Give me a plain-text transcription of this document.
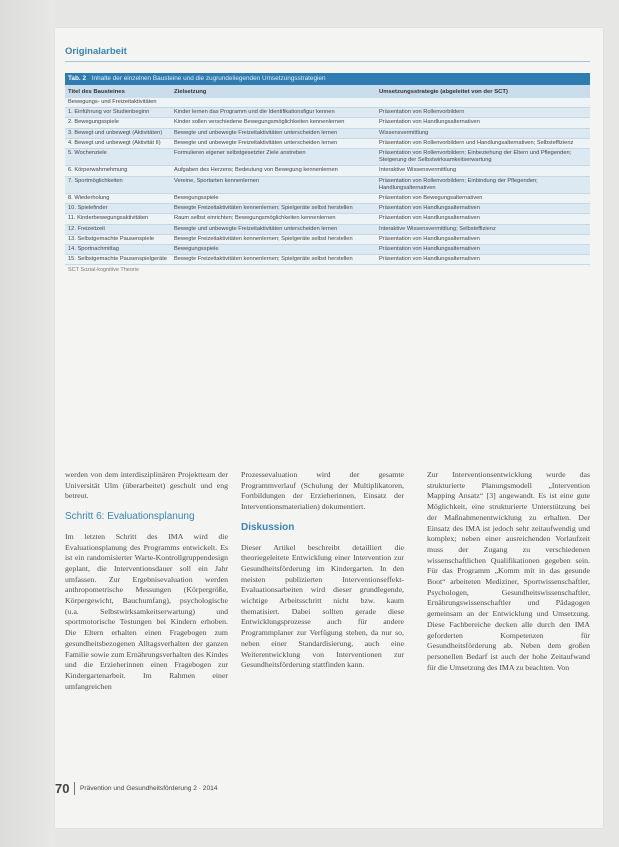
Originalarbeit
Tab. 2 Inhalte der einzelnen Bausteine und die zugrundeliegenden Umsetzungsstrategien
Titel des Bausteines	Zielsetzung	Umsetzungsstrategie (abgeleitet von der SCT)
Bewegungs- und Freizeitaktivitäten		
1. Einführung vor Studienbeginn	Kinder lernen das Programm und die Identifikationsfigur kennen	Präsentation von Rollenvorbildern
2. Bewegungsspiele	Kinder sollen verschiedene Bewegungsmöglichkeiten kennenlernen	Präsentation von Handlungsalternativen
3. Bewegt und unbewegt (Aktivitäten)	Bewegte und unbewegte Freizeitaktivitäten unterscheiden lernen	Wissensvermittlung
4. Bewegt und unbewegt (Aktivität II)	Bewegte und unbewegte Freizeitaktivitäten unterscheiden lernen	Präsentation von Rollenvorbildern und Handlungsalternativen; Selbsteffizienz
5. Wochenziele	Formulieren eigener selbstgesetzter Ziele anstreben	Präsentation von Rollenvorbildern; Einbeziehung der Eltern und Pflegenden; Steigerung der Selbstwirksamkeitserwartung
6. Körperwahrnehmung	Aufgaben des Herzens; Bedeutung von Bewegung kennenlernen	Interaktive Wissensvermittlung
7. Sportmöglichkeiten	Vereine, Sportarten kennenlernen	Präsentation von Rollenvorbildern; Einbindung der Pflegenden; Handlungsalternativen
8. Wiederholung	Bewegungsspiele	Präsentation von Bewegungsalternativen
10. Spielefinder	Bewegte Freizeitaktivitäten kennenlernen; Spielgeräte selbst herstellen	Präsentation von Handlungsalternativen
11. Kinderbewegungsaktivitäten	Raum selbst einrichten; Bewegungsmöglichkeiten kennenlernen	Präsentation von Handlungsalternativen
12. Freizeitzeit	Bewegte und unbewegte Freizeitaktivitäten unterscheiden lernen	Interaktive Wissensvermittlung; Selbsteffizienz
13. Selbstgemachte Pausenspiele	Bewegte Freizeitaktivitäten kennenlernen; Spielgeräte selbst herstellen	Präsentation von Handlungsalternativen
14. Sportnachmittag	Bewegungsspiele	Präsentation von Handlungsalternativen
15. Selbstgemachte Pausenspielgeräte	Bewegte Freizeitaktivitäten kennenlernen; Spielgeräte selbst herstellen	Präsentation von Handlungsalternativen
SCT Sozial-kognitive Theorie

werden von dem interdisziplinären Projektteam der Universität Ulm (überarbeitet) geschult und eng betreut.

Schritt 6: Evaluationsplanung

Im letzten Schritt des IMA wird die Evaluationsplanung des Programms entwickelt. Es ist ein randomisierter Warte-Kontrollgruppendesign geplant, die Interventionsdauer soll ein Jahr umfassen. Zur Ergebnisevaluation werden anthropometrische Messungen (Körpergröße, Körpergewicht, Bauchumfang), psychologische (u.a. Selbstwirksamkeitserwartung) und sportmotorische Testungen bei Kindern erhoben. Die Eltern erhalten einen Fragebogen zum gesundheitsbezogenen Alltagsverhalten der ganzen Familie sowie zum Ernährungsverhalten des Kindes und die Erzieherinnen einen Fragebogen zur Kindergartenarbeit. Im Rahmen einer umfangreichen

Prozessevaluation wird der gesamte Programmverlauf (Schulung der Multiplikatoren, Fortbildungen der Erzieherinnen, Einsatz der Interventionsmaterialien) dokumentiert.

Diskussion

Dieser Artikel beschreibt detailliert die theoriegeleitete Entwicklung einer Intervention zur Gesundheitsförderung im Kindergarten. In den meisten publizierten Interventionseffekt-Evaluationsarbeiten wird dieser grundlegende, wichtige Arbeitsschritt nicht bzw. kaum thematisiert. Dabei sollten gerade diese Entwicklungsprozesse auch für andere Programmplaner zur Verfügung stehen, da nur so, neben einer Standardisierung, auch eine Weiterentwicklung von Interventionen zur Gesundheitsförderung stattfinden kann.

Zur Interventionsentwicklung wurde das strukturierte Planungsmodell „Intervention Mapping Ansatz“ [3] angewandt. Es ist eine gute Möglichkeit, eine strukturierte Unterstützung bei der Maßnahmenentwicklung zu erhalten. Der Einsatz des IMA ist jedoch sehr zeitaufwendig und komplex; neben einer ausreichenden Vorlaufzeit muss der Zugang zu verschiedenen wissenschaftlichen Qualifikationen gegeben sein. Für das Programm „Komm mit in das gesunde Boot“ arbeiteten Mediziner, Sportwissenschaftler, Psychologen, Gesundheitswissenschaftler, Ernährungswissenschaftler und Pädagogen gemeinsam an der Entwicklung und Umsetzung. Diese Fachbereiche decken alle durch den IMA geforderten Kompetenzen für Gesundheitsförderung ab. Neben dem großen personellen Bedarf ist auch der hohe Zeitaufwand für die Umsetzung des IMA zu beachten. Von

70 Prävention und Gesundheitsförderung 2 · 2014
